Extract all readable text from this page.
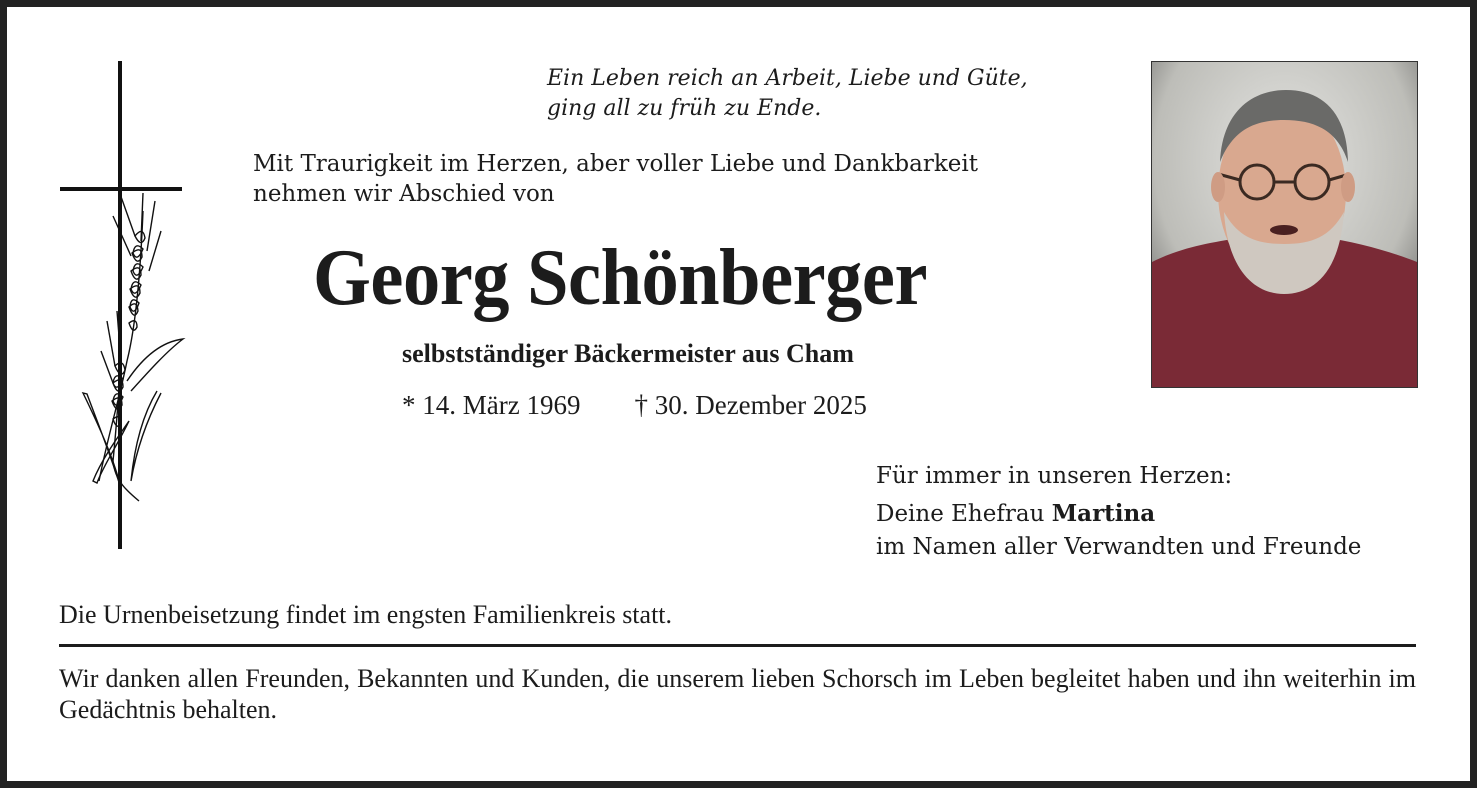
Ein Leben reich an Arbeit, Liebe und Güte,
ging all zu früh zu Ende.
Mit Traurigkeit im Herzen, aber voller Liebe und Dankbarkeit
nehmen wir Abschied von
Georg Schönberger
selbstständiger Bäckermeister aus Cham
* 14. März 1969 † 30. Dezember 2025
Für immer in unseren Herzen:
Deine Ehefrau Martina
im Namen aller Verwandten und Freunde
Die Urnenbeisetzung findet im engsten Familienkreis statt.
Wir danken allen Freunden, Bekannten und Kunden, die unserem lieben Schorsch im Leben begleitet haben und ihn weiterhin im Gedächtnis behalten.
